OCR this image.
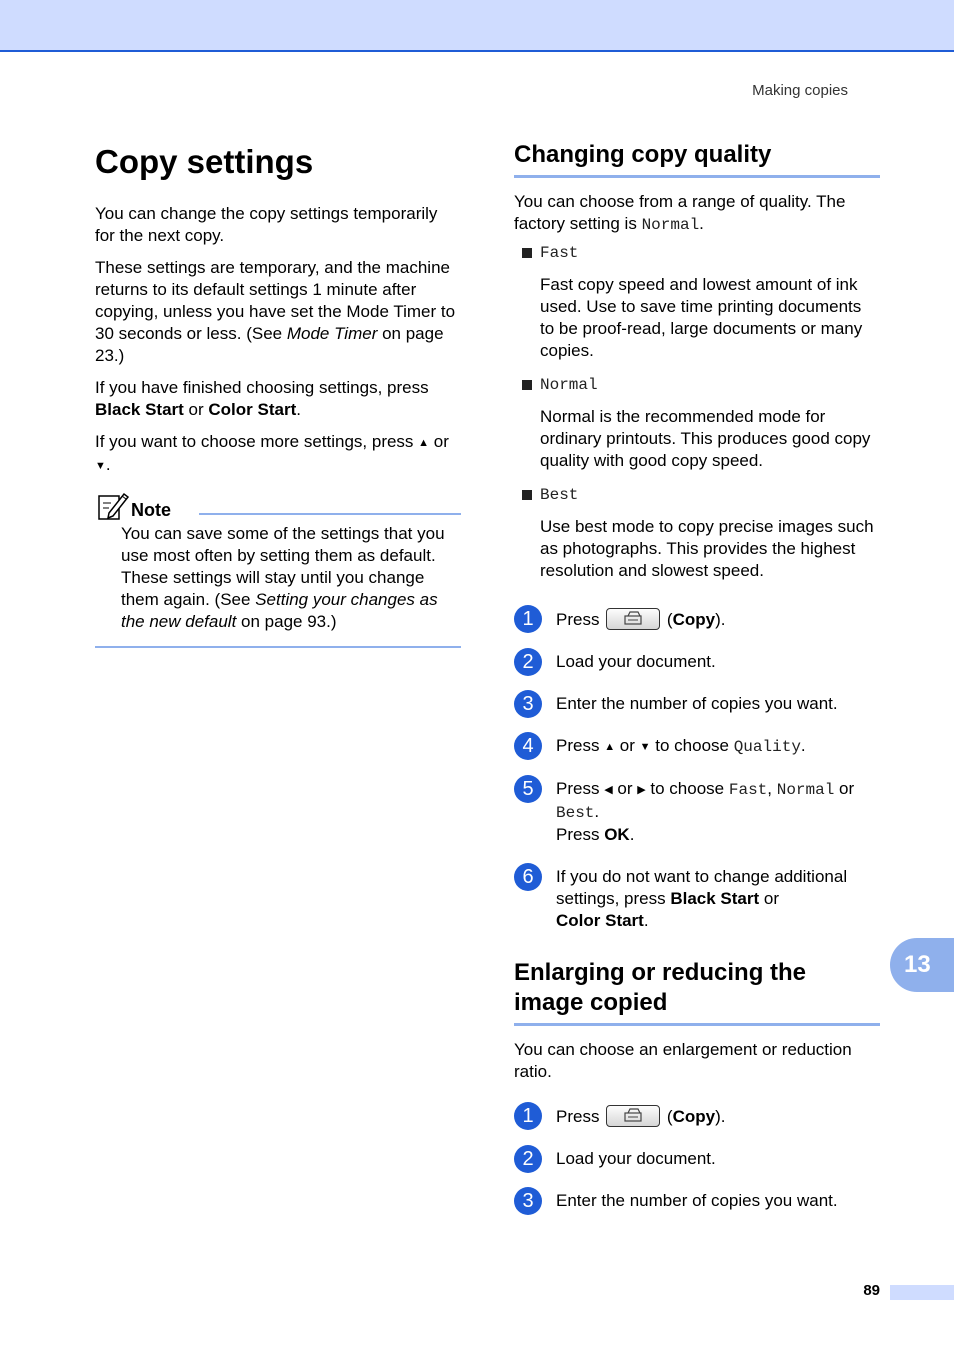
Making copies
Copy settings

You can change the copy settings temporarily for the next copy.

These settings are temporary, and the machine returns to its default settings 1 minute after copying, unless you have set the Mode Timer to 30 seconds or less. (See Mode Timer on page 23.)

If you have finished choosing settings, press Black Start or Color Start.

If you want to choose more settings, press ▲ or ▼.

Note

You can save some of the settings that you use most often by setting them as default. These settings will stay until you change them again. (See Setting your changes as the new default on page 93.)

Changing copy quality

You can choose from a range of quality. The factory setting is Normal.

Fast

Fast copy speed and lowest amount of ink used. Use to save time printing documents to be proof-read, large documents or many copies.

Normal

Normal is the recommended mode for ordinary printouts. This produces good copy quality with good copy speed.

Best

Use best mode to copy precise images such as photographs. This provides the highest resolution and slowest speed.

1	Press	(Copy).
2	Load your document.
3	Enter the number of copies you want.
4	Press ▲ or ▼ to choose Quality.
5	Press ◀ or ▶ to choose Fast, Normal or Best.
Press OK.
6	If you do not want to change additional settings, press Black Start or
Color Start.
Enlarging or reducing the image copied

You can choose an enlargement or reduction ratio.

1	Press	(Copy).
2	Load your document.
3	Enter the number of copies you want.
13
89
